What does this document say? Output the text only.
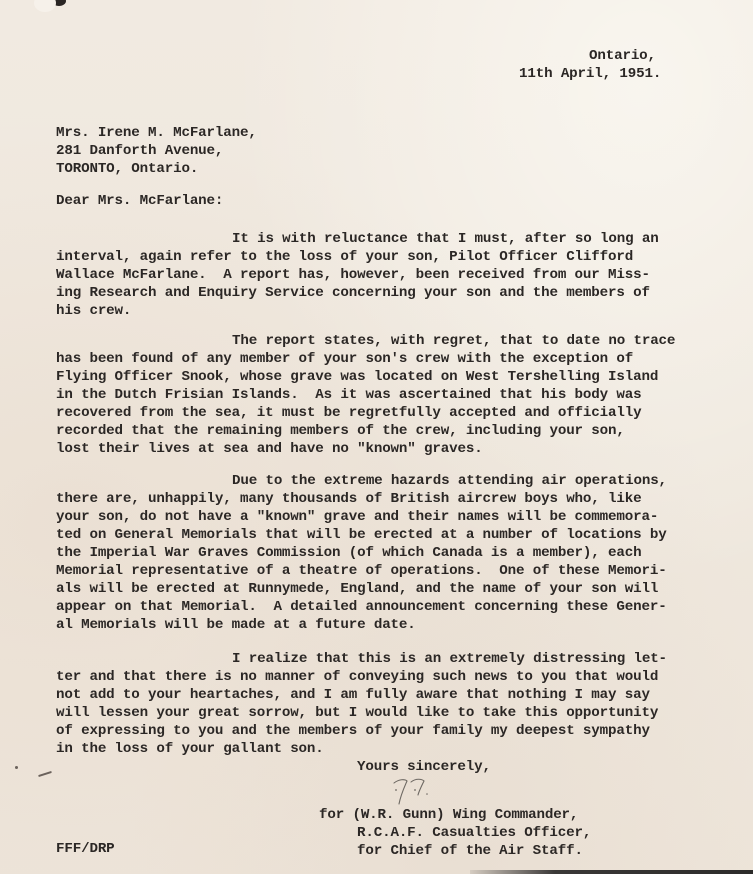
Ontario,
11th April, 1951.
Mrs. Irene M. McFarlane,
281 Danforth Avenue,
TORONTO, Ontario.
Dear Mrs. McFarlane:
It is with reluctance that I must, after so long an
interval, again refer to the loss of your son, Pilot Officer Clifford
Wallace McFarlane.  A report has, however, been received from our Miss-
ing Research and Enquiry Service concerning your son and the members of
his crew.
The report states, with regret, that to date no trace
has been found of any member of your son's crew with the exception of
Flying Officer Snook, whose grave was located on West Tershelling Island
in the Dutch Frisian Islands.  As it was ascertained that his body was
recovered from the sea, it must be regretfully accepted and officially
recorded that the remaining members of the crew, including your son,
lost their lives at sea and have no "known" graves.
Due to the extreme hazards attending air operations,
there are, unhappily, many thousands of British aircrew boys who, like
your son, do not have a "known" grave and their names will be commemora-
ted on General Memorials that will be erected at a number of locations by
the Imperial War Graves Commission (of which Canada is a member), each
Memorial representative of a theatre of operations.  One of these Memori-
als will be erected at Runnymede, England, and the name of your son will
appear on that Memorial.  A detailed announcement concerning these Gener-
al Memorials will be made at a future date.
I realize that this is an extremely distressing let-
ter and that there is no manner of conveying such news to you that would
not add to your heartaches, and I am fully aware that nothing I may say
will lessen your great sorrow, but I would like to take this opportunity
of expressing to you and the members of your family my deepest sympathy
in the loss of your gallant son.
Yours sincerely,
for (W.R. Gunn) Wing Commander,
R.C.A.F. Casualties Officer,
for Chief of the Air Staff.
FFF/DRP
